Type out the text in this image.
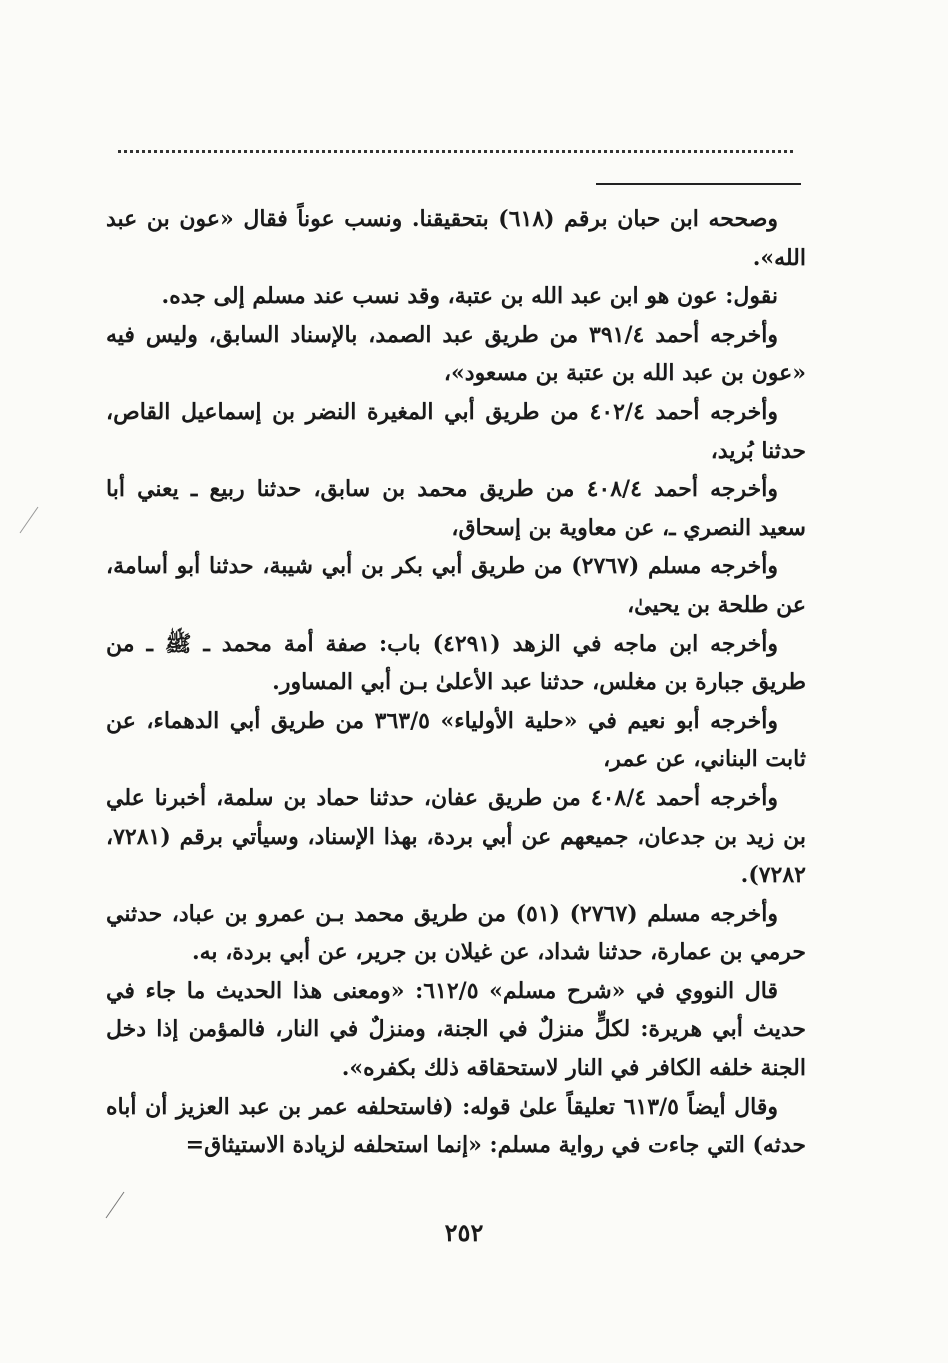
وصححه ابن حبان برقم (٦١٨) بتحقيقنا. ونسب عوناً فقال «عون بن عبد الله».

نقول: عون هو ابن عبد الله بن عتبة، وقد نسب عند مسلم إلى جده.

وأخرجه أحمد ٣٩١/٤ من طريق عبد الصمد، بالإسناد السابق، وليس فيه «عون بن عبد الله بن عتبة بن مسعود»،

وأخرجه أحمد ٤٠٢/٤ من طريق أبي المغيرة النضر بن إسماعيل القاص، حدثنا بُريد،

وأخرجه أحمد ٤٠٨/٤ من طريق محمد بن سابق، حدثنا ربيع ـ يعني أبا سعيد النصري ـ، عن معاوية بن إسحاق،

وأخرجه مسلم (٢٧٦٧) من طريق أبي بكر بن أبي شيبة، حدثنا أبو أسامة، عن طلحة بن يحيىٰ،

وأخرجه ابن ماجه في الزهد (٤٢٩١) باب: صفة أمة محمد ـ ﷺ ـ من طريق جبارة بن مغلس، حدثنا عبد الأعلىٰ بـن أبي المساور.

وأخرجه أبو نعيم في «حلية الأولياء» ٣٦٣/٥ من طريق أبي الدهماء، عن ثابت البناني، عن عمر،

وأخرجه أحمد ٤٠٨/٤ من طريق عفان، حدثنا حماد بن سلمة، أخبرنا علي بن زيد بن جدعان، جميعهم عن أبي بردة، بهذا الإسناد، وسيأتي برقم (٧٢٨١، ٧٢٨٢).

وأخرجه مسلم (٢٧٦٧) (٥١) من طريق محمد بـن عمرو بن عباد، حدثني حرمي بن عمارة، حدثنا شداد، عن غيلان بن جرير، عن أبي بردة، به.

قال النووي في «شرح مسلم» ٦١٢/٥: «ومعنى هذا الحديث ما جاء في حديث أبي هريرة: لكلٍّ منزلٌ في الجنة، ومنزلٌ في النار، فالمؤمن إذا دخل الجنة خلفه الكافر في النار لاستحقاقه ذلك بكفره».

وقال أيضاً ٦١٣/٥ تعليقاً علىٰ قوله: (فاستحلفه عمر بن عبد العزيز أن أباه حدثه) التي جاءت في رواية مسلم: «إنما استحلفه لزيادة الاستيثاق=

٢٥٢
